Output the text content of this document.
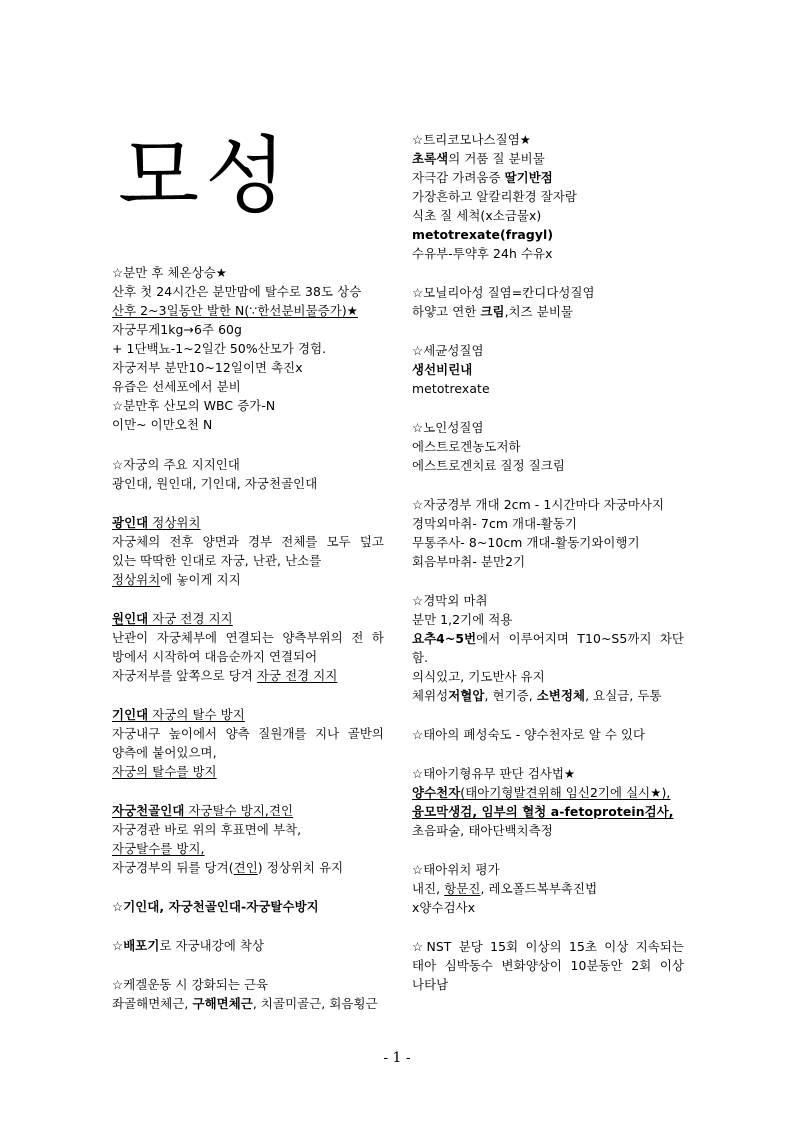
모성
☆분만 후 체온상승★
산후 첫 24시간은 분만맘에 탈수로 38도 상승
산후 2~3일동안 발한 N(∵한선분비물증가)★
자궁무게1kg→6주 60g
+ 1단백뇨-1~2일간 50%산모가 경험.
자궁저부 분만10~12일이면 촉진x
유즙은 선세포에서 분비
☆분만후 산모의 WBC 증가-N
이만~ 이만오천 N
☆자궁의 주요 지지인대
광인대, 원인대, 기인대, 자궁천골인대
광인대 정상위치
자궁체의 전후 양면과 경부 전체를 모두 덮고
있는 딱딱한 인대로 자궁, 난관, 난소를
정상위치에 놓이게 지지
원인대 자궁 전경 지지
난관이 자궁체부에 연결되는 양측부위의 전 하
방에서 시작하여 대음순까지 연결되어
자궁저부를 앞쪽으로 당겨 자궁 전경 지지
기인대 자궁의 탈수 방지
자궁내구 높이에서 양측 질원개를 지나 골반의
양측에 붙어있으며,
자궁의 탈수를 방지
자궁천골인대 자궁탈수 방지,견인
자궁경관 바로 위의 후표면에 부착,
자궁탈수를 방지,
자궁경부의 뒤를 당겨(견인) 정상위치 유지
☆기인대, 자궁천골인대-자궁탈수방지
☆배포기로 자궁내강에 착상
☆케겔운동 시 강화되는 근육
좌골해면체근, 구해면체근, 치골미골근, 회음횡근
☆트리코모나스질염★
초록색의 거품 질 분비물
자극감 가려움증 딸기반점
가장흔하고 알칼리환경 잘자람
식초 질 세척(x소금물x)
metotrexate(fragyl)
수유부-투약후 24h 수유x
☆모닐리아성 질염=칸디다성질염
하얗고 연한 크림,치즈 분비물
☆세균성질염
생선비린내
metotrexate
☆노인성질염
에스트로겐농도저하
에스트로겐치료 질정 질크림
☆자궁경부 개대 2cm - 1시간마다 자궁마사지
경막외마취- 7cm 개대-활동기
무통주사- 8~10cm 개대-활동기와이행기
회음부마취- 분만2기
☆경막외 마취
분만 1,2기에 적용
요추4~5번에서 이루어지며 T10~S5까지 차단
함.
의식있고, 기도반사 유지
체위성저혈압, 현기증, 소변정체, 요실금, 두통
☆태아의 폐성숙도 - 양수천자로 알 수 있다
☆태아기형유무 판단 검사법★
양수천자(태아기형발견위해 임신2기에 실시★),
융모막생검, 임부의 혈청 a-fetoprotein검사,
초음파술, 태아단백치측정
☆태아위치 평가
내진, 항문진, 레오폴드복부촉진법
x양수검사x
☆NST 분당 15회 이상의 15초 이상 지속되는
태아 심박동수 변화양상이 10분동안 2회 이상
나타남
- 1 -
